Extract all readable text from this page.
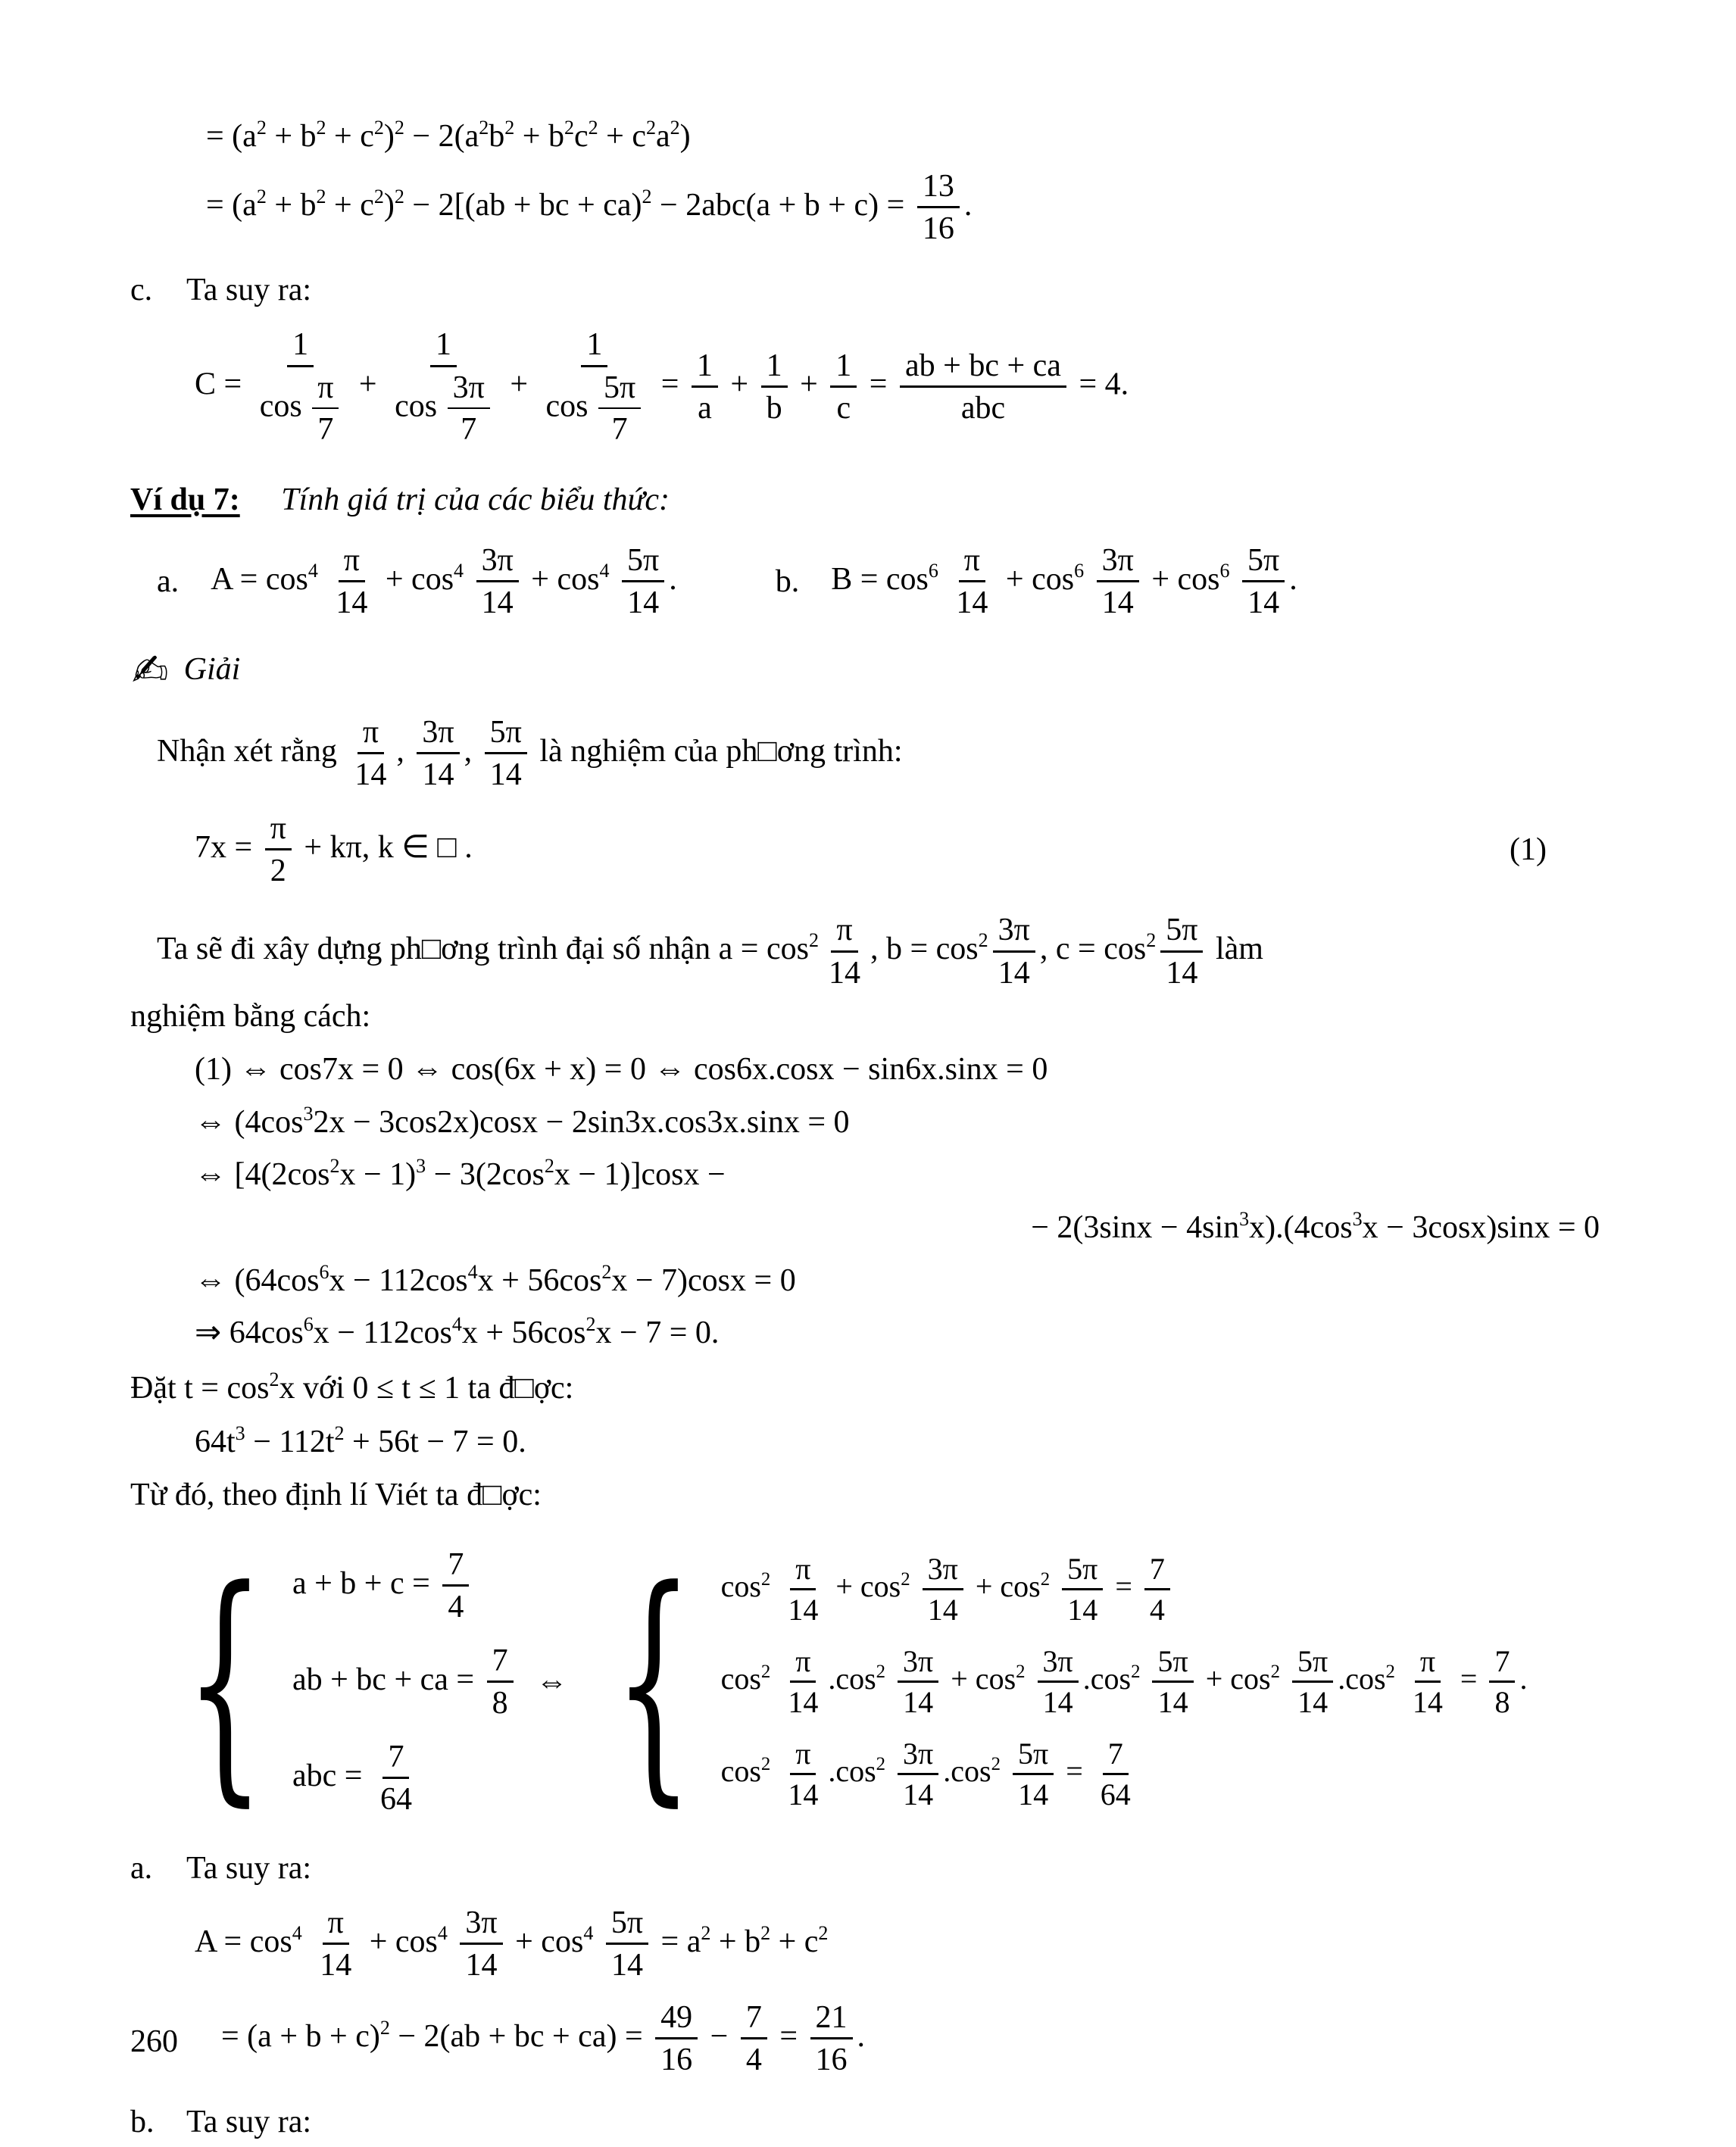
= $(a^2 + b^2 + c^2)^2 - 2(a^2b^2 + b^2c^2 + c^2a^2)$
= $(a^2 + b^2 + c^2)^2 - 2[(ab$ + bc + $ca)^2 - 2abc(a + b + c) = \frac{13}{16}$ .
c.	Ta suy ra:
$C = \frac{1}{\cos \frac{\pi}{7}} + \frac{1}{\cos \frac{3\pi}{7}} + \frac{1}{\cos \frac{5\pi}{7}} = \frac{1}{a} + \frac{1}{b} + \frac{1}{c} = \frac{ab + bc + ca}{\text{abc}} = 4$.
Ví dụ 7: Tính giá trị của các biểu thức:
a. $A = \cos^4 \frac{\pi}{14} + \cos^4 \frac{3\pi}{14} + \cos^4 \frac{5\pi}{14}$ .	b. $B = \cos^6 \frac{\pi}{14} + \cos^6 \frac{3\pi}{14} + \cos^6 \frac{5\pi}{14}$ .
✍ Giải
Nhận xét rằng $\frac{\pi}{14}$ , $\frac{3\pi}{14}$ , $\frac{5\pi}{14}$ là nghiệm của ph□ơng trình:
$7x = \frac{\pi}{2} + k\pi$, k ∈ □ .	(1)
Ta sẽ đi xây dựng ph□ơng trình đại số nhận $a = \cos^2 \frac{\pi}{14}$ , $b = \cos^2 \frac{3\pi}{14}$ , $c = \cos^2 \frac{5\pi}{14}$ làm
nghiệm bằng cách:
(1) ⇔ cos7x = 0 ⇔ cos(6x + x) = 0 ⇔ cos6x.cosx − sin6x.sinx = 0
⇔ $(4\cos^32x - 3\cos 2x)\cos x - 2\sin 3x.\cos 3x.\sin x = 0$
⇔ $[4(2\cos^2x - 1)^3 - 3(2\cos^2x - 1)]\cos x$ −
− $2(3\sin x - 4\sin^3x).(4\cos^3x - 3\cos x)\sin x = 0$
⇔ $(64\cos^6x - 112\cos^4x + 56\cos^2x - 7)\cos x = 0$
⇒ $64\cos^6x - 112\cos^4x + 56\cos^2x - 7 = 0$.
Đặt $t = \cos^2x$ với 0 ≤ t ≤ 1 ta đ□ợc:
$64t^3 - 112t^2 + 56t - 7 = 0$.
Từ đó, theo định lí Viét ta đ□ợc:
{ $a + b + c = \frac{7}{4}$
ab + bc + ca = $\frac{7}{8}$
abc = $\frac{7}{64}$
⇔ { $\cos^2 \frac{\pi}{14} + \cos^2 \frac{3\pi}{14} + \cos^2 \frac{5\pi}{14} = \frac{7}{4}$
$\cos^2 \frac{\pi}{14} .\cos^2 \frac{3\pi}{14} + \cos^2 \frac{3\pi}{14} .\cos^2 \frac{5\pi}{14} + \cos^2 \frac{5\pi}{14} .\cos^2 \frac{\pi}{14} = \frac{7}{8}$ .
$\cos^2 \frac{\pi}{14} .\cos^2 \frac{3\pi}{14} .\cos^2 \frac{5\pi}{14} = \frac{7}{64}$
a.	Ta suy ra:
$A = \cos^4 \frac{\pi}{14} + \cos^4 \frac{3\pi}{14} + \cos^4 \frac{5\pi}{14} = a^2 + b^2 + c^2$
= $(a + b + c)^2 - 2(ab$ + bc + $ca) = \frac{49}{16} - \frac{7}{4} = \frac{21}{16}$ .
b.	Ta suy ra:
260
